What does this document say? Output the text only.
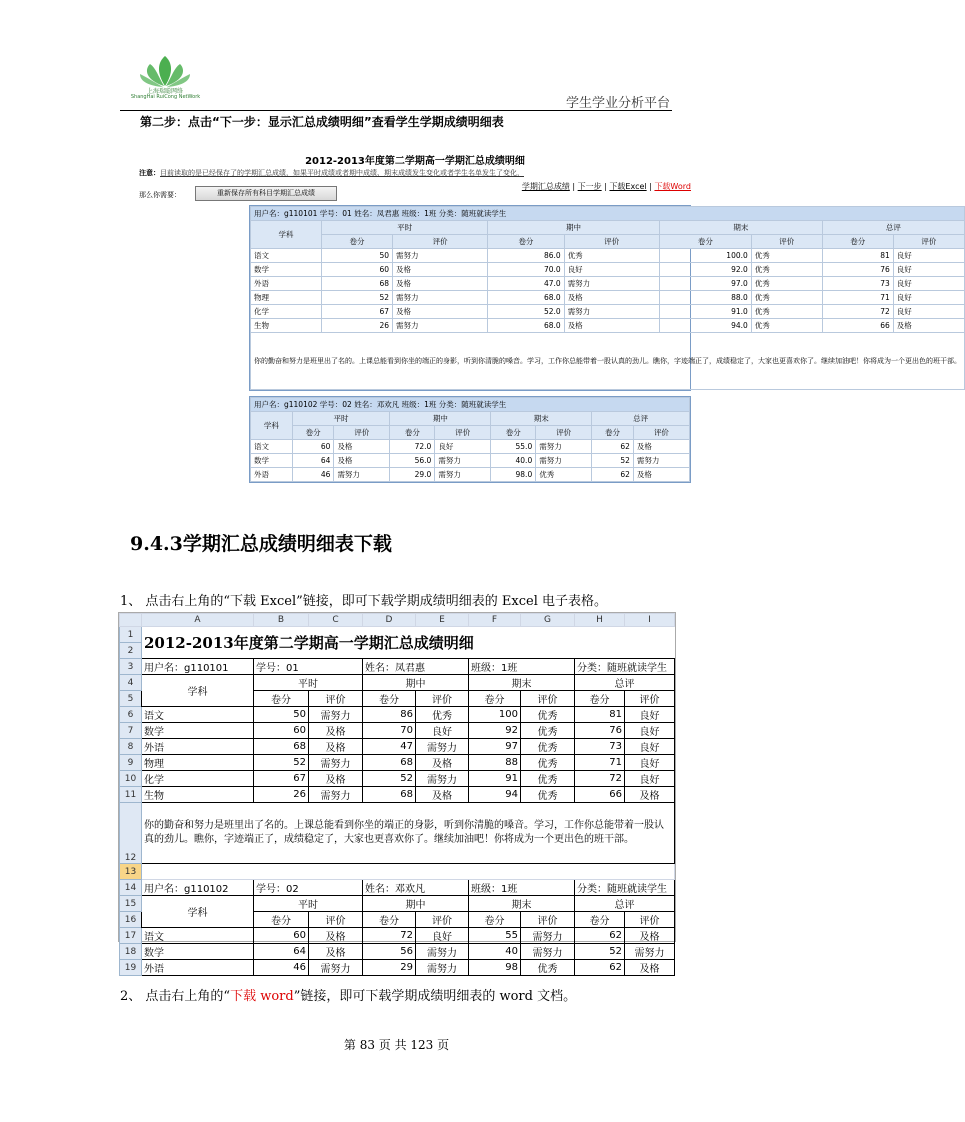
上海瑞聪网络
ShangHai RuiCong NetWork	学生学业分析平台
第二步：点击“下一步：显示汇总成绩明细”查看学生学期成绩明细表
2012-2013年度第二学期高一学期汇总成绩明细
注意：目前读取的是已经保存了的学期汇总成绩，如果平时成绩或者期中成绩、期末成绩发生变化或者学生名单发生了变化，
学期汇总成绩 | 下一步 | 下载Excel | 下载Word
那么你需要：	重新保存所有科目学期汇总成绩
用户名：g110101 学号：01 姓名：凤君惠 班级：1班 分类：随班就读学生								
学科	平时		期中		期末		总评	
	卷分	评价	卷分	评价	卷分	评价	卷分	评价
语文	50	需努力	86.0	优秀	100.0	优秀	81	良好
数学	60	及格	70.0	良好	92.0	优秀	76	良好
外语	68	及格	47.0	需努力	97.0	优秀	73	良好
物理	52	需努力	68.0	及格	88.0	优秀	71	良好
化学	67	及格	52.0	需努力	91.0	优秀	72	良好
生物	26	需努力	68.0	及格	94.0	优秀	66	及格
你的勤奋和努力是班里出了名的。上课总能看到你坐的端正的身影，听到你清脆的嗓音。学习，工作你总能带着一股认真的劲儿。瞧你，字迹端正了，成绩稳定了，大家也更喜欢你了。继续加油吧！你将成为一个更出色的班干部。								
用户名：g110102 学号：02 姓名：邓欢凡 班级：1班 分类：随班就读学生								
学科	平时		期中		期末		总评	
	卷分	评价	卷分	评价	卷分	评价	卷分	评价
语文	60	及格	72.0	良好	55.0	需努力	62	及格
数学	64	及格	56.0	需努力	40.0	需努力	52	需努力
外语	46	需努力	29.0	需努力	98.0	优秀	62	及格
9.4.3学期汇总成绩明细表下载
1、 点击右上角的“下载 Excel”链接，即可下载学期成绩明细表的 Excel 电子表格。
	A	B	C	D	E	F	G	H	I
1	2012-2013年度第二学期高一学期汇总成绩明细								
2									
3	用户名：g110101	学号：01		姓名：凤君惠		班级：1班		分类：随班就读学生	
4	学科	平时		期中		期末		总评	
5		卷分	评价	卷分	评价	卷分	评价	卷分	评价
6	语文	50	需努力	86	优秀	100	优秀	81	良好
7	数学	60	及格	70	良好	92	优秀	76	良好
8	外语	68	及格	47	需努力	97	优秀	73	良好
9	物理	52	需努力	68	及格	88	优秀	71	良好
10	化学	67	及格	52	需努力	91	优秀	72	良好
11	生物	26	需努力	68	及格	94	优秀	66	及格
12	你的勤奋和努力是班里出了名的。上课总能看到你坐的端正的身影，听到你清脆的嗓音。学习，工作你总能带着一股认真的劲儿。瞧你，字迹端正了，成绩稳定了，大家也更喜欢你了。继续加油吧！你将成为一个更出色的班干部。								
13									
14	用户名：g110102	学号：02		姓名：邓欢凡		班级：1班		分类：随班就读学生	
15	学科	平时		期中		期末		总评	
16		卷分	评价	卷分	评价	卷分	评价	卷分	评价
17	语文	60	及格	72	良好	55	需努力	62	及格
18	数学	64	及格	56	需努力	40	需努力	52	需努力
19	外语	46	需努力	29	需努力	98	优秀	62	及格
2、 点击右上角的“下载 word”链接，即可下载学期成绩明细表的 word 文档。
第 83 页 共 123 页
